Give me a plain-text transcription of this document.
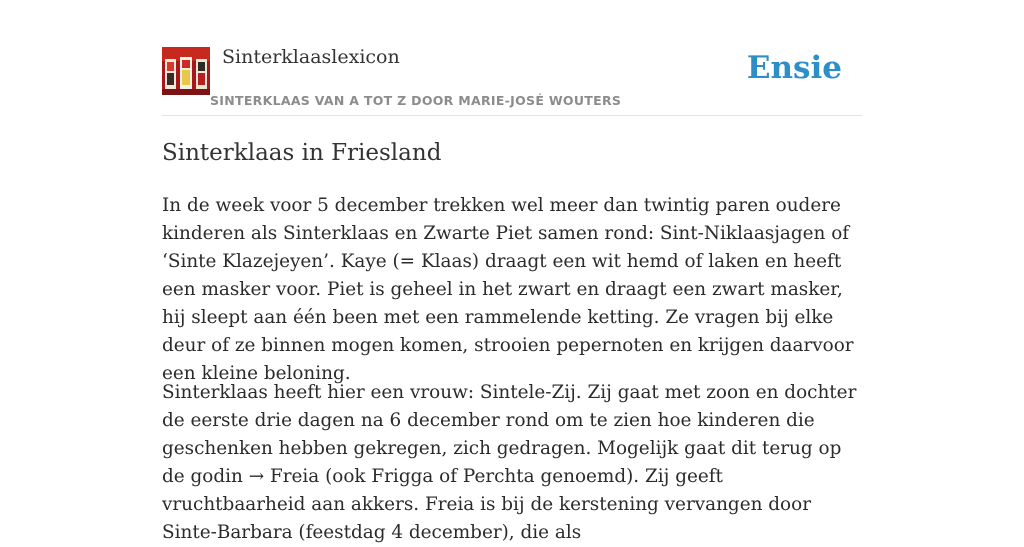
Sinterklaaslexicon
SINTERKLAAS VAN A TOT Z DOOR MARIE-JOSÉ WOUTERS
Ensie
Sinterklaas in Friesland

In de week voor 5 december trekken wel meer dan twintig paren oudere kinderen als Sinterklaas en Zwarte Piet samen rond: Sint-Niklaasjagen of ‘Sinte Klazejeyen’. Kaye (= Klaas) draagt een wit hemd of laken en heeft een masker voor. Piet is geheel in het zwart en draagt een zwart masker, hij sleept aan één been met een rammelende ketting. Ze vragen bij elke deur of ze binnen mogen komen, strooien pepernoten en krijgen daarvoor een kleine beloning.

Sinterklaas heeft hier een vrouw: Sintele-Zij. Zij gaat met zoon en dochter de eerste drie dagen na 6 december rond om te zien hoe kinderen die geschenken hebben gekregen, zich gedragen. Mogelijk gaat dit terug op de godin → Freia (ook Frigga of Perchta genoemd). Zij geeft vruchtbaarheid aan akkers. Freia is bij de kerstening vervangen door Sinte-Barbara (feestdag 4 december), die als
